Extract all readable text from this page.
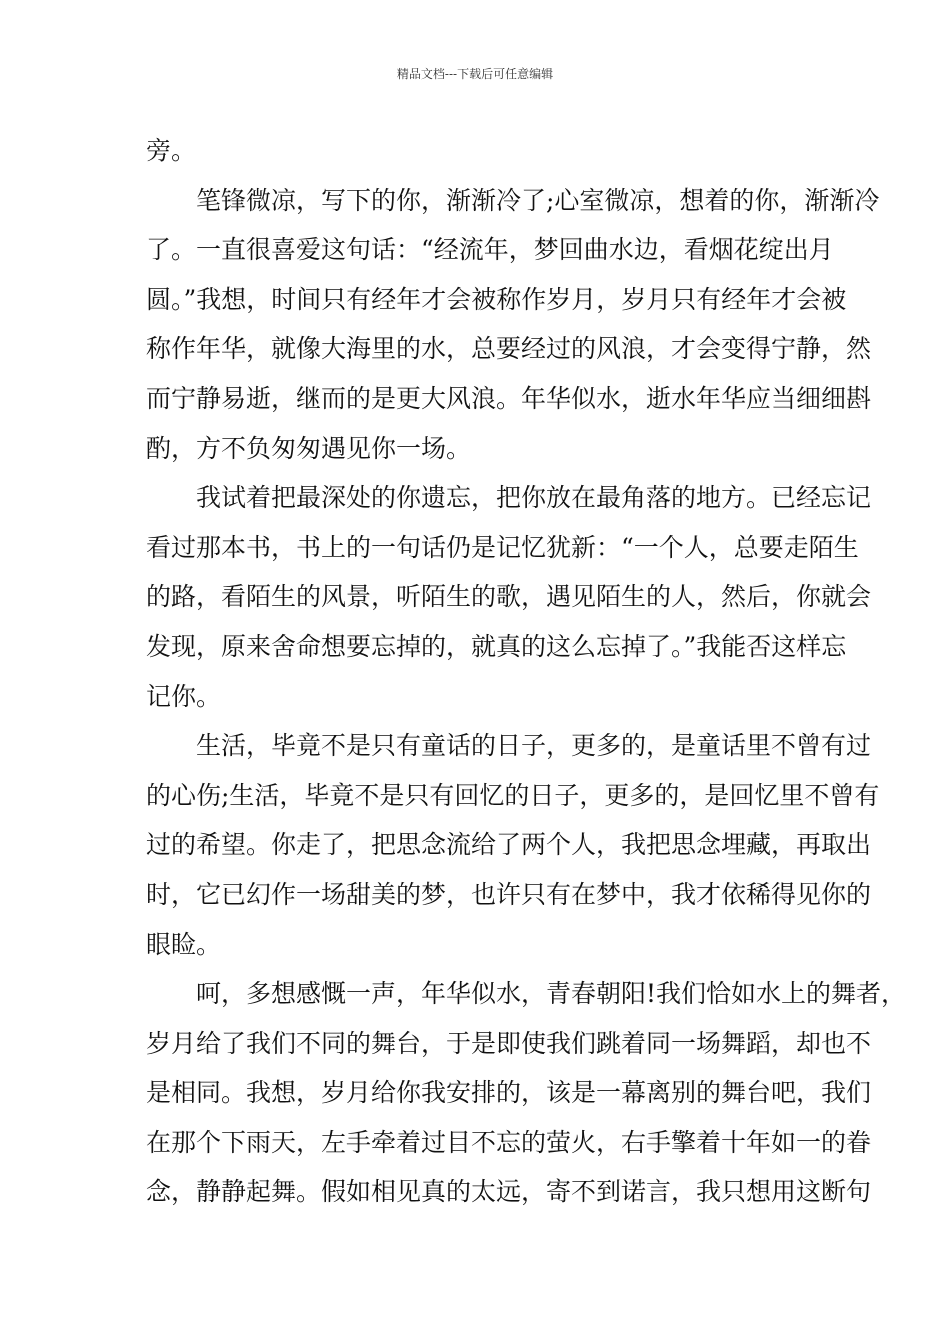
精品文档---下载后可任意编辑
旁。
笔锋微凉，写下的你，渐渐冷了;心室微凉，想着的你，渐渐冷
了。一直很喜爱这句话：“经流年，梦回曲水边，看烟花绽出月
圆。”我想，时间只有经年才会被称作岁月，岁月只有经年才会被
称作年华，就像大海里的水，总要经过的风浪，才会变得宁静，然
而宁静易逝，继而的是更大风浪。年华似水，逝水年华应当细细斟
酌，方不负匆匆遇见你一场。
我试着把最深处的你遗忘，把你放在最角落的地方。已经忘记
看过那本书，书上的一句话仍是记忆犹新：“一个人，总要走陌生
的路，看陌生的风景，听陌生的歌，遇见陌生的人，然后，你就会
发现，原来舍命想要忘掉的，就真的这么忘掉了。”我能否这样忘
记你。
生活，毕竟不是只有童话的日子，更多的，是童话里不曾有过
的心伤;生活，毕竟不是只有回忆的日子，更多的，是回忆里不曾有
过的希望。你走了，把思念流给了两个人，我把思念埋藏，再取出
时，它已幻作一场甜美的梦，也许只有在梦中，我才依稀得见你的
眼睑。
呵，多想感慨一声，年华似水，青春朝阳!我们恰如水上的舞者，
岁月给了我们不同的舞台，于是即使我们跳着同一场舞蹈，却也不
是相同。我想，岁月给你我安排的，该是一幕离别的舞台吧，我们
在那个下雨天，左手牵着过目不忘的萤火，右手擎着十年如一的眷
念，静静起舞。假如相见真的太远，寄不到诺言，我只想用这断句
